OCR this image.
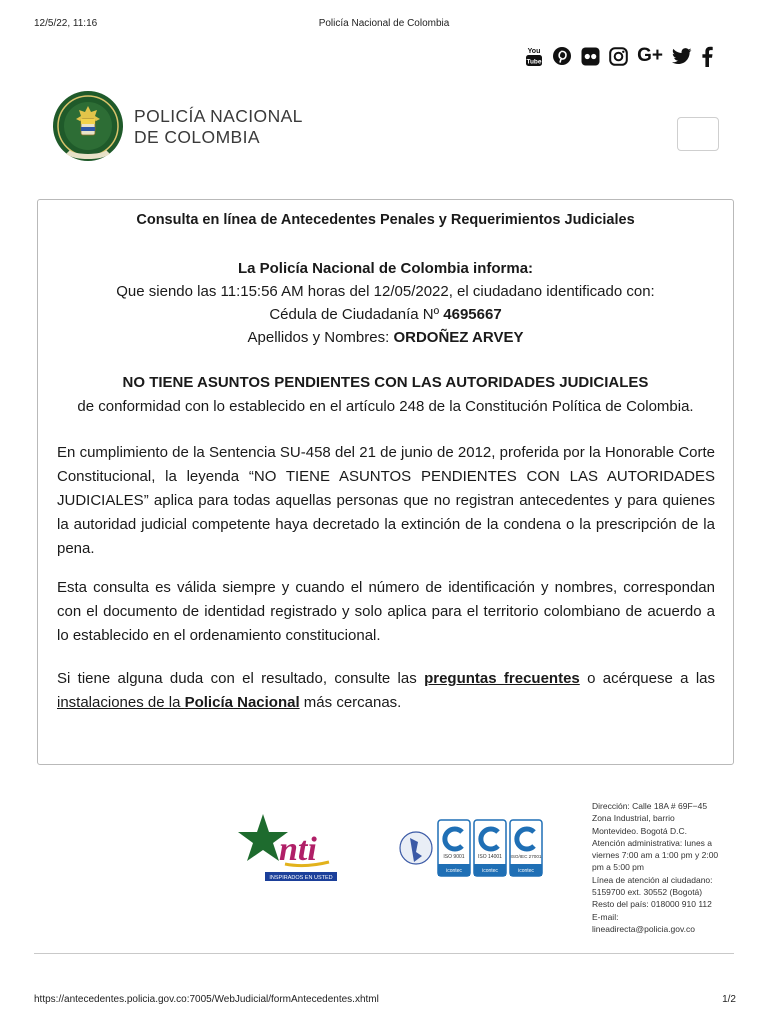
12/5/22, 11:16	Policía Nacional de Colombia
You
Tube	G+
POLICÍA NACIONAL
DE COLOMBIA
Consulta en línea de Antecedentes Penales y Requerimientos Judiciales
La Policía Nacional de Colombia informa:
Que siendo las 11:15:56 AM horas del 12/05/2022, el ciudadano identificado con:
Cédula de Ciudadanía Nº 4695667
Apellidos y Nombres: ORDOÑEZ ARVEY
NO TIENE ASUNTOS PENDIENTES CON LAS AUTORIDADES JUDICIALES
de conformidad con lo establecido en el artículo 248 de la Constitución Política de Colombia.
En cumplimiento de la Sentencia SU-458 del 21 de junio de 2012, proferida por la Honorable Corte Constitucional, la leyenda “NO TIENE ASUNTOS PENDIENTES CON LAS AUTORIDADES JUDICIALES” aplica para todas aquellas personas que no registran antecedentes y para quienes la autoridad judicial competente haya decretado la extinción de la condena o la prescripción de la pena.
Esta consulta es válida siempre y cuando el número de identificación y nombres, correspondan con el documento de identidad registrado y solo aplica para el territorio colombiano de acuerdo a lo establecido en el ordenamiento constitucional.
Si tiene alguna duda con el resultado, consulte las preguntas frecuentes o acérquese a las instalaciones de la Policía Nacional más cercanas.
nti
INSPIRADOS EN USTED
ISO 9001
icontec
ISO 14001
icontec
ISO/IEC 27001
icontec
Dirección: Calle 18A # 69F−45
Zona Industrial, barrio
Montevideo. Bogotá D.C.
Atención administrativa: lunes a
viernes 7:00 am a 1:00 pm y 2:00
pm a 5:00 pm
Línea de atención al ciudadano:
5159700 ext. 30552 (Bogotá)
Resto del país: 018000 910 112
E-mail:
lineadirecta@policia.gov.co
https://antecedentes.policia.gov.co:7005/WebJudicial/formAntecedentes.xhtml	1/2
